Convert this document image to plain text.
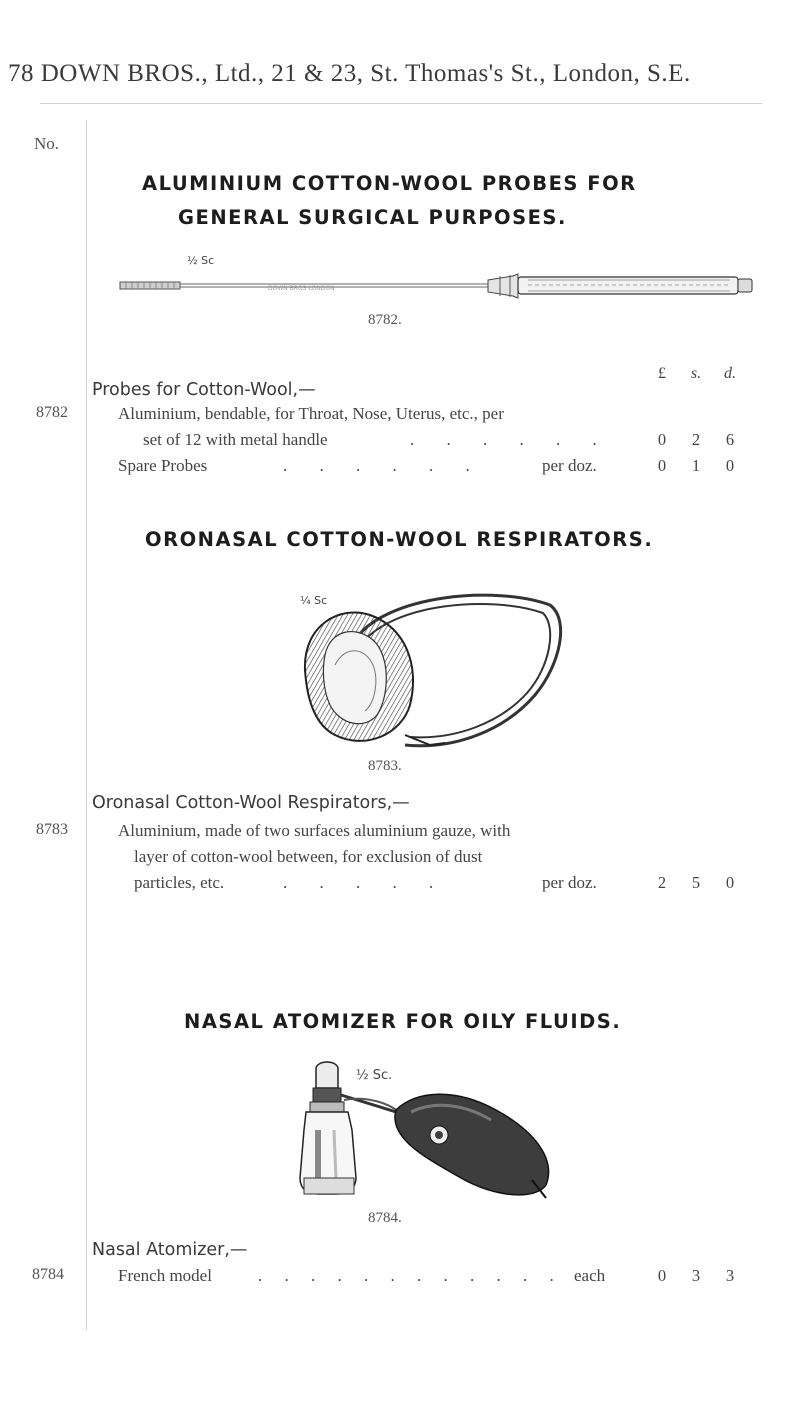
78 DOWN BROS., Ltd., 21 & 23, St. Thomas's St., London, S.E.
No.
ALUMINIUM COTTON-WOOL PROBES FOR
GENERAL SURGICAL PURPOSES.
½ Sc
DOWN BROS LONDON
8782.
£ s. d.
Probes for Cotton-Wool,—
8782	Aluminium, bendable, for Throat, Nose, Uterus, etc., per
set of 12 with metal handle	. . . . . .	0 2 6
Spare Probes	. . . . . .	per doz.	0 1 0
ORONASAL COTTON-WOOL RESPIRATORS.
¼ Sc
8783.
Oronasal Cotton-Wool Respirators,—
8783	Aluminium, made of two surfaces aluminium gauze, with
layer of cotton-wool between, for exclusion of dust
particles, etc.	. . . . .	per doz.	2 5 0
NASAL ATOMIZER FOR OILY FLUIDS.
½ Sc.
8784.
Nasal Atomizer,—
8784	French model	. . . . . . . . . . . . each	0 3 3
